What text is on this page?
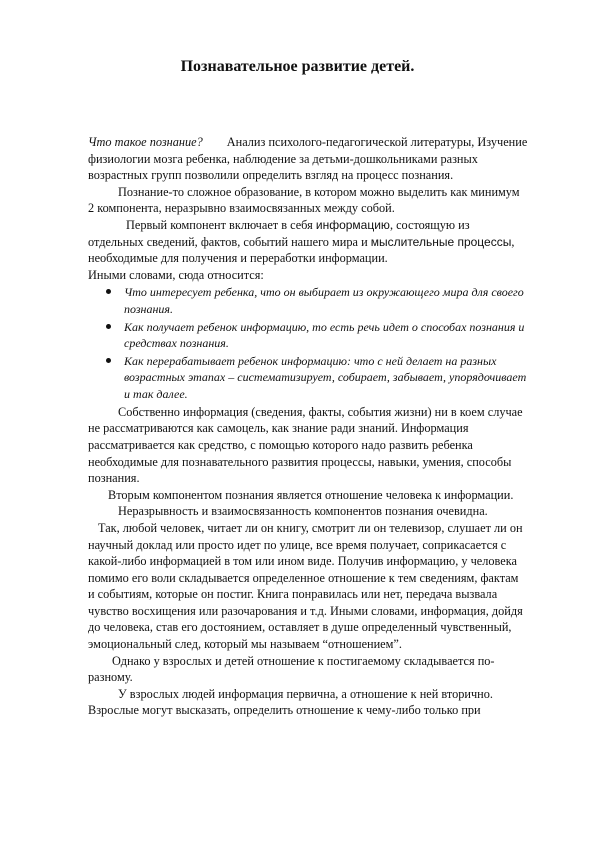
Познавательное развитие детей.

Что такое познание? Анализ психолого-педагогической литературы, Изучение физиологии мозга ребенка, наблюдение за детьми-дошкольниками разных возрастных групп позволили определить взгляд на процесс познания.

Познание-то сложное образование, в котором можно выделить как минимум 2 компонента, неразрывно взаимосвязанных между собой.

Первый компонент включает в себя информацию, состоящую из отдельных сведений, фактов, событий нашего мира и мыслительные процессы, необходимые для получения и переработки информации.

Иными словами, сюда относится:

Что интересует ребенка, что он выбирает из окружающего мира для своего познания.
Как получает ребенок информацию, то есть речь идет о способах познания и средствах познания.
Как перерабатывает ребенок информацию: что с ней делает на разных возрастных этапах – систематизирует, собирает, забывает, упорядочивает и так далее.

Собственно информация (сведения, факты, события жизни) ни в коем случае не рассматриваются как самоцель, как знание ради знаний. Информация рассматривается как средство, с помощью которого надо развить ребенка необходимые для познавательного развития процессы, навыки, умения, способы познания.

Вторым компонентом познания является отношение человека к информации.

Неразрывность и взаимосвязанность компонентов познания очевидна.

Так, любой человек, читает ли он книгу, смотрит ли он телевизор, слушает ли он научный доклад или просто идет по улице, все время получает, соприкасается с какой-либо информацией в том или ином виде. Получив информацию, у человека помимо его воли складывается определенное отношение к тем сведениям, фактам и событиям, которые он постиг. Книга понравилась или нет, передача вызвала чувство восхищения или разочарования и т.д. Иными словами, информация, дойдя до человека, став его достоянием, оставляет в душе определенный чувственный, эмоциональный след, который мы называем “отношением”.

Однако у взрослых и детей отношение к постигаемому складывается по-разному.

У взрослых людей информация первична, а отношение к ней вторично. Взрослые могут высказать, определить отношение к чему-либо только при
